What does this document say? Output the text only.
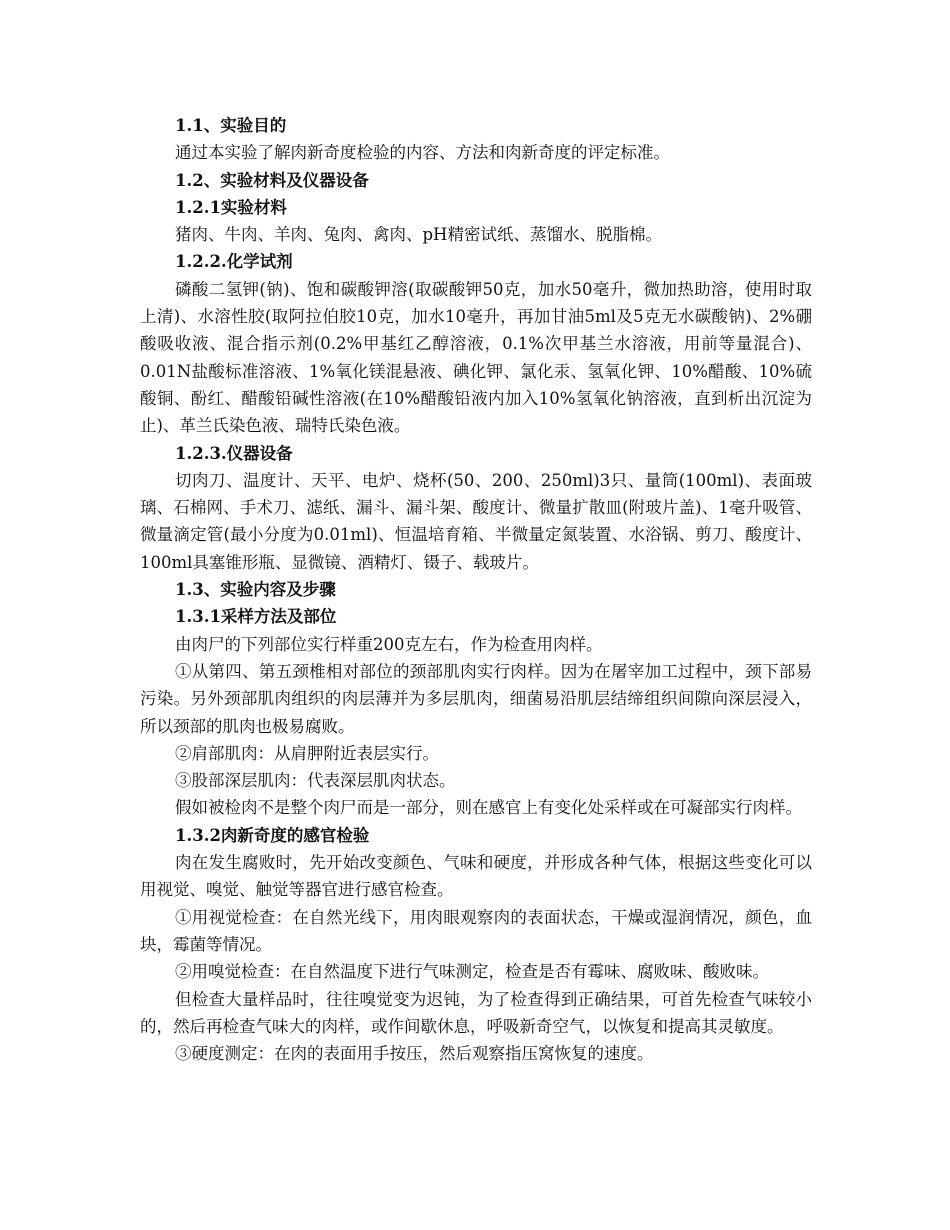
1.1、实验目的

通过本实验了解肉新奇度检验的内容、方法和肉新奇度的评定标准。

1.2、实验材料及仪器设备

1.2.1实验材料

猪肉、牛肉、羊肉、兔肉、禽肉、pH精密试纸、蒸馏水、脱脂棉。

1.2.2.化学试剂

磷酸二氢钾(钠)、饱和碳酸钾溶(取碳酸钾50克，加水50毫升，微加热助溶，使用时取上清)、水溶性胶(取阿拉伯胶10克，加水10毫升，再加甘油5ml及5克无水碳酸钠)、2%硼酸吸收液、混合指示剂(0.2%甲基红乙醇溶液，0.1%次甲基兰水溶液，用前等量混合)、0.01N盐酸标准溶液、1%氧化镁混悬液、碘化钾、氯化汞、氢氧化钾、10%醋酸、10%硫酸铜、酚红、醋酸铅碱性溶液(在10%醋酸铅液内加入10%氢氧化钠溶液，直到析出沉淀为止)、革兰氏染色液、瑞特氏染色液。

1.2.3.仪器设备

切肉刀、温度计、天平、电炉、烧杯(50、200、250ml)3只、量筒(100ml)、表面玻璃、石棉网、手术刀、滤纸、漏斗、漏斗架、酸度计、微量扩散皿(附玻片盖)、1毫升吸管、微量滴定管(最小分度为0.01ml)、恒温培育箱、半微量定氮装置、水浴锅、剪刀、酸度计、100ml具塞锥形瓶、显微镜、酒精灯、镊子、载玻片。

1.3、实验内容及步骤

1.3.1采样方法及部位

由肉尸的下列部位实行样重200克左右，作为检查用肉样。

①从第四、第五颈椎相对部位的颈部肌肉实行肉样。因为在屠宰加工过程中，颈下部易污染。另外颈部肌肉组织的肉层薄并为多层肌肉，细菌易沿肌层结缔组织间隙向深层浸入，所以颈部的肌肉也极易腐败。

②肩部肌肉：从肩胛附近表层实行。

③股部深层肌肉：代表深层肌肉状态。

假如被检肉不是整个肉尸而是一部分，则在感官上有变化处采样或在可凝部实行肉样。

1.3.2肉新奇度的感官检验

肉在发生腐败时，先开始改变颜色、气味和硬度，并形成各种气体，根据这些变化可以用视觉、嗅觉、触觉等器官进行感官检查。

①用视觉检查：在自然光线下，用肉眼观察肉的表面状态，干燥或湿润情况，颜色，血块，霉菌等情况。

②用嗅觉检查：在自然温度下进行气味测定，检查是否有霉味、腐败味、酸败味。

但检查大量样品时，往往嗅觉变为迟钝，为了检查得到正确结果，可首先检查气味较小的，然后再检查气味大的肉样，或作间歇休息，呼吸新奇空气，以恢复和提高其灵敏度。

③硬度测定：在肉的表面用手按压，然后观察指压窝恢复的速度。
